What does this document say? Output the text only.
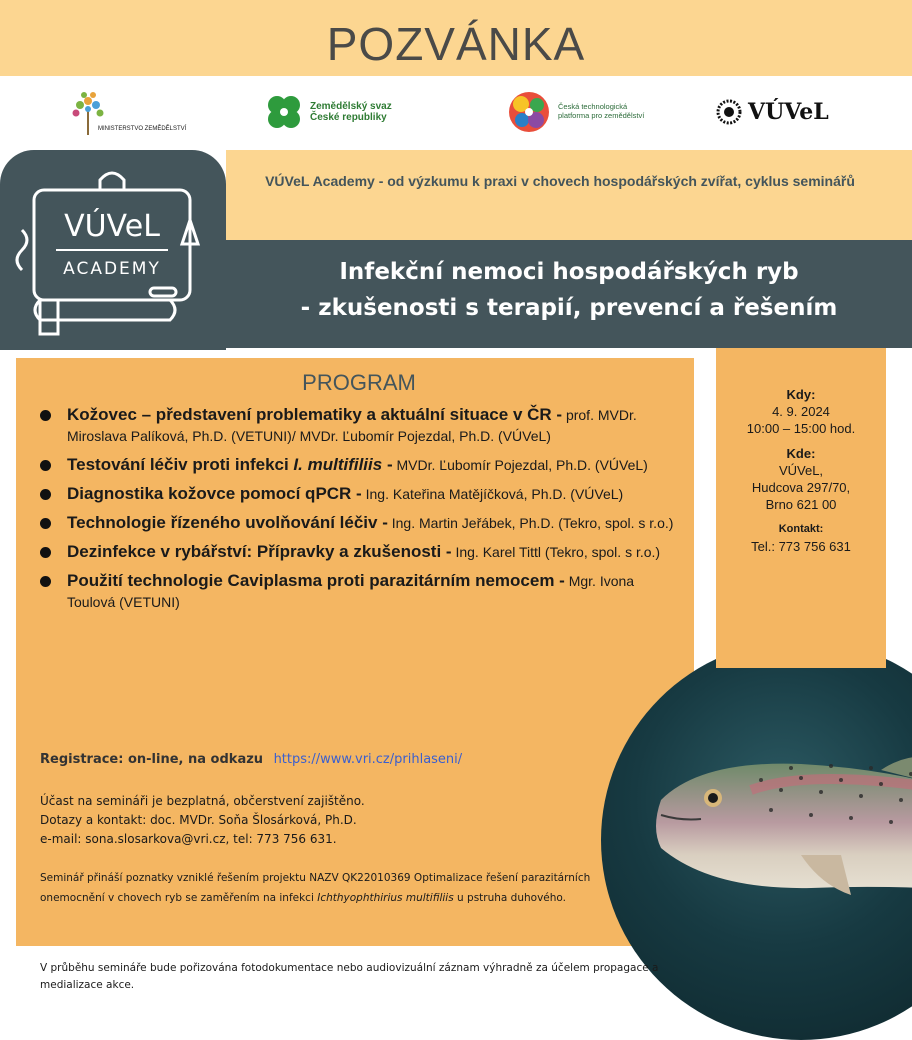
POZVÁNKA
MINISTERSTVO ZEMĚDĚLSTVÍ
Zemědělský svaz
České republiky
Česká technologická
platforma pro zemědělství	VÚVeL
VÚVeL
ACADEMY
VÚVeL Academy - od výzkumu k praxi v chovech hospodářských zvířat, cyklus seminářů
Infekční nemoci hospodářských ryb
- zkušenosti s terapií, prevencí a řešením
PROGRAM
Kožovec – představení problematiky a aktuální situace v ČR - prof. MVDr. Miroslava Palíková, Ph.D. (VETUNI)/ MVDr. Ľubomír Pojezdal, Ph.D. (VÚVeL)
Testování léčiv proti infekci I. multifiliis - MVDr. Ľubomír Pojezdal, Ph.D. (VÚVeL)
Diagnostika kožovce pomocí qPCR - Ing. Kateřina Matějíčková, Ph.D. (VÚVeL)
Technologie řízeného uvolňování léčiv - Ing. Martin Jeřábek, Ph.D. (Tekro, spol. s r.o.)
Dezinfekce v rybářství: Přípravky a zkušenosti - Ing. Karel Tittl (Tekro, spol. s r.o.)
Použití technologie Caviplasma proti parazitárním nemocem - Mgr. Ivona Toulová (VETUNI)
Registrace: on-line, na odkazu https://www.vri.cz/prihlaseni/
Účast na semináři je bezplatná, občerstvení zajištěno.
Dotazy a kontakt: doc. MVDr. Soňa Šlosárková, Ph.D.
e-mail: sona.slosarkova@vri.cz, tel: 773 756 631.
Seminář přináší poznatky vzniklé řešením projektu NAZV QK22010369 Optimalizace řešení parazitárních onemocnění v chovech ryb se zaměřením na infekci Ichthyophthirius multifiliis u pstruha duhového.
Kdy:
4. 9. 2024
10:00 – 15:00 hod.
Kde:
VÚVeL,
Hudcova 297/70,
Brno 621 00
Kontakt:
Tel.: 773 756 631
V průběhu semináře bude pořizována fotodokumentace nebo audiovizuální záznam výhradně za účelem propagace a medializace akce.
